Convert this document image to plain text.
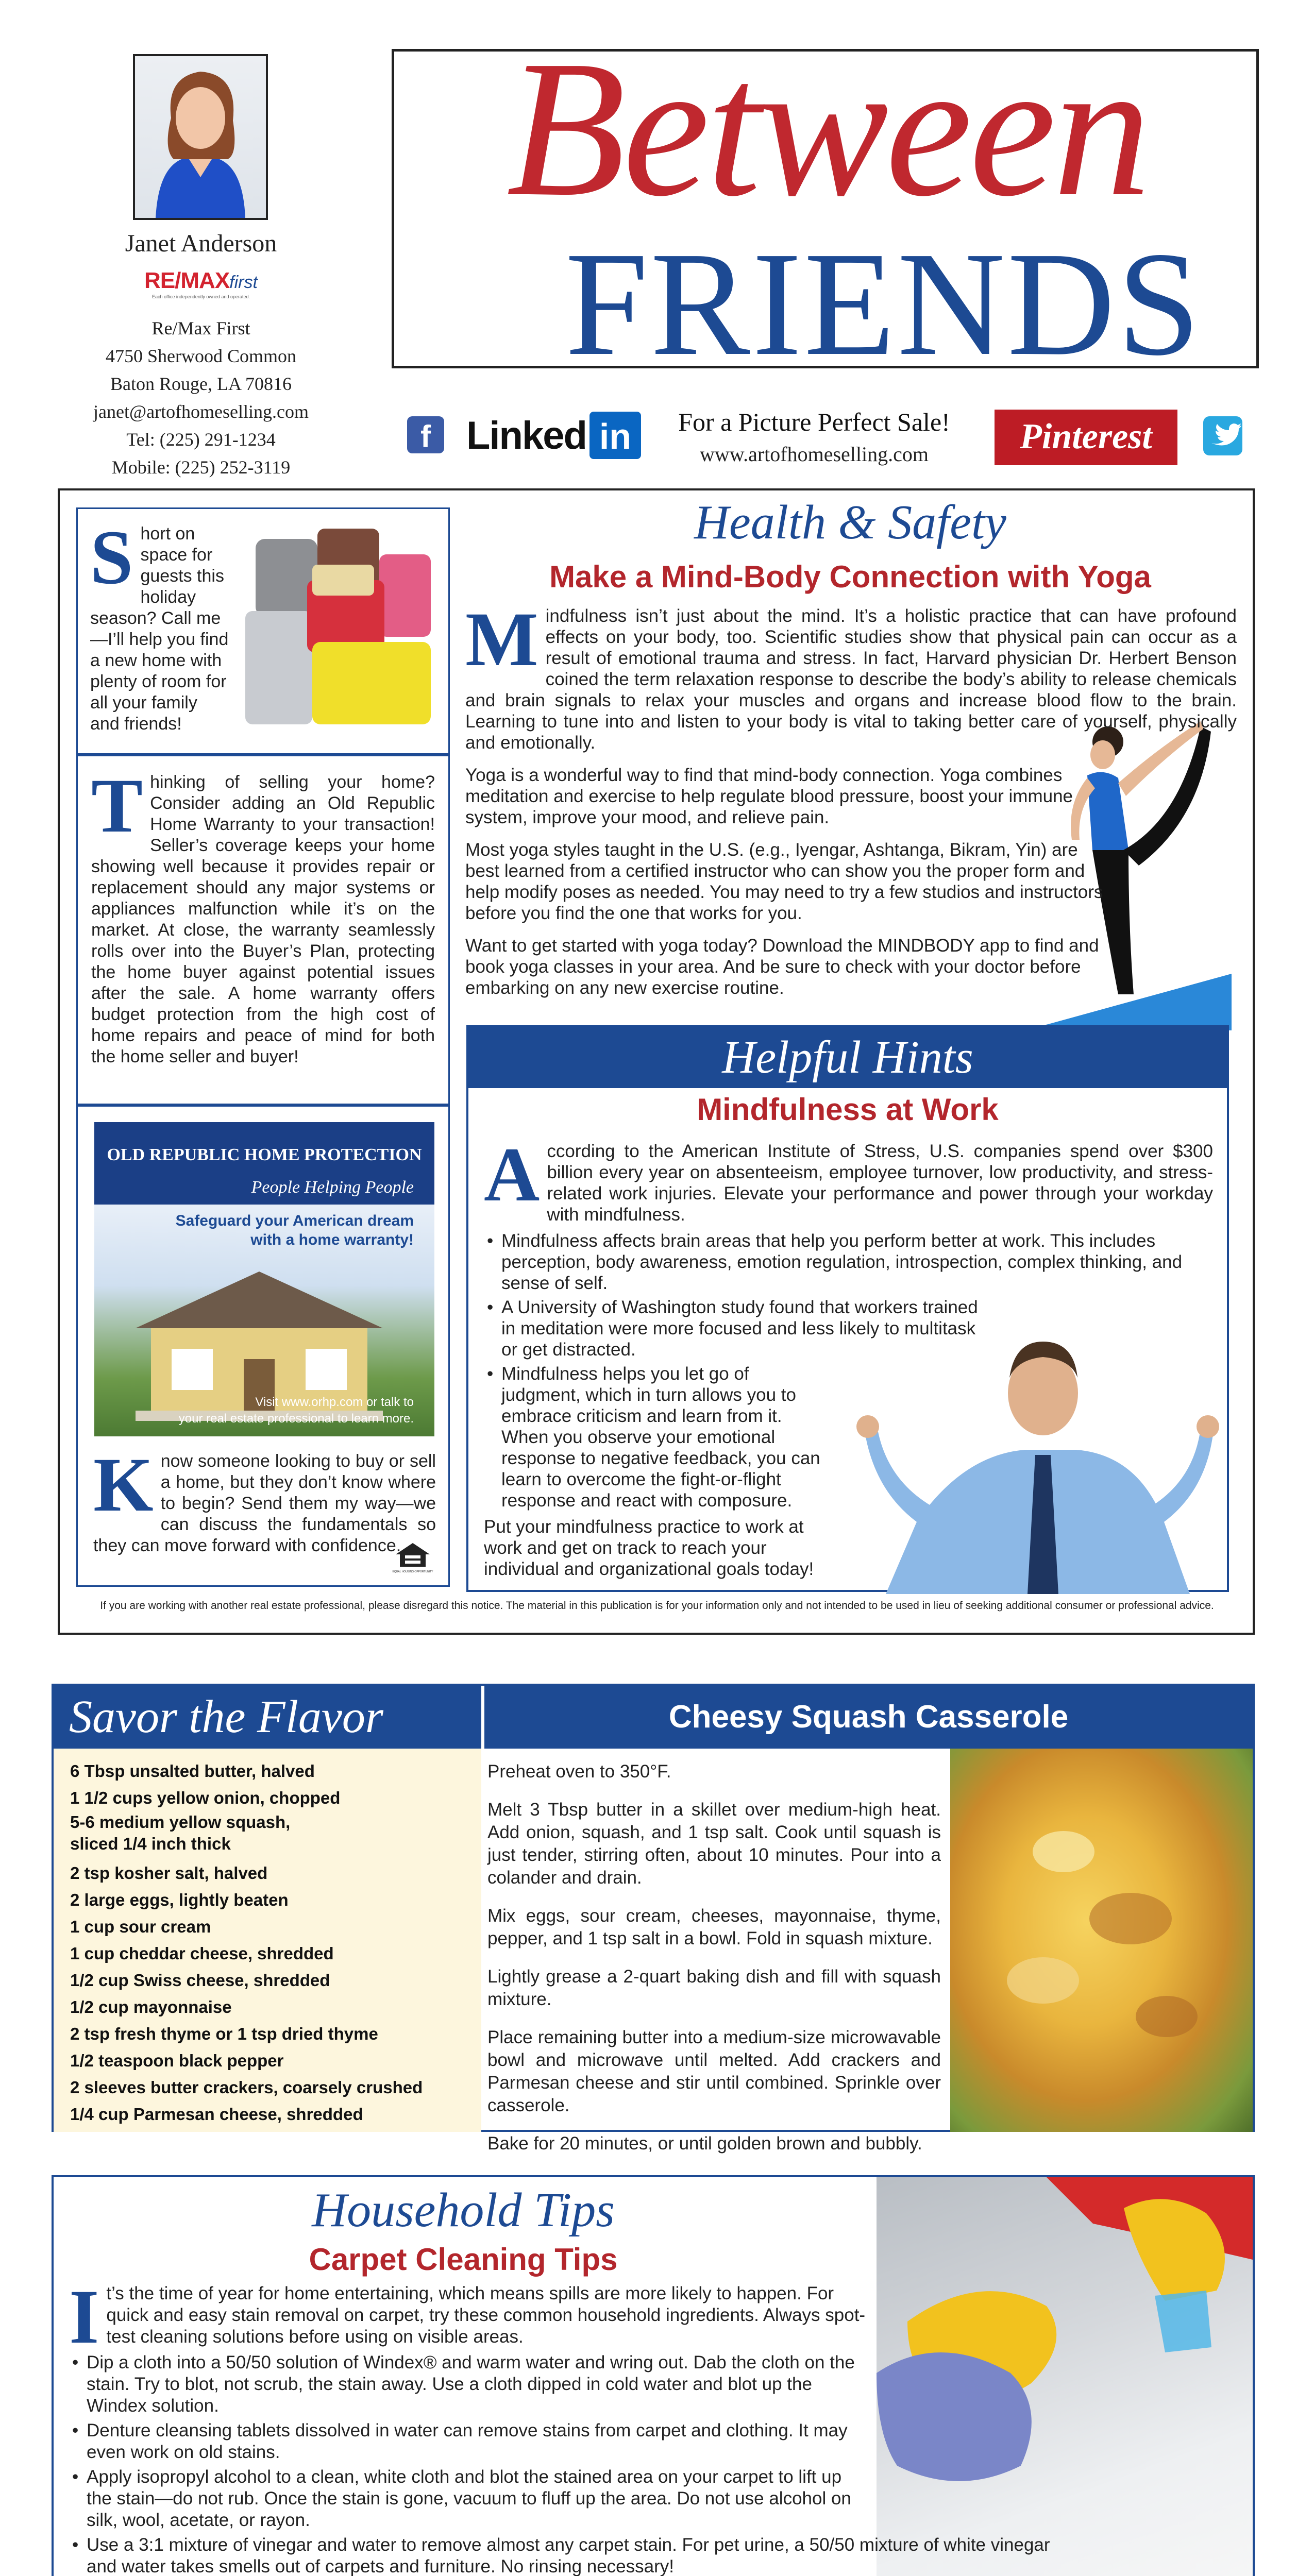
Janet Anderson
RE/MAXfirst
Each office independently owned and operated.
Re/Max First
4750 Sherwood Common
Baton Rouge, LA 70816
janet@artofhomeselling.com
Tel: (225) 291-1234
Mobile: (225) 252-3119
Between
FRIENDS
f Linked in	For a Picture Perfect Sale!
www.artofhomeselling.com	Pinterest
Short on space for guests this holiday season? Call me—I’ll help you find a new home with plenty of room for all your family and friends!
Thinking of selling your home? Consider adding an Old Republic Home Warranty to your transaction! Seller’s coverage keeps your home showing well because it provides repair or replacement should any major systems or appliances malfunction while it’s on the market. At close, the warranty seamlessly rolls over into the Buyer’s Plan, protecting the home buyer against potential issues after the sale. A home warranty offers budget protection from the high cost of home repairs and peace of mind for both the home seller and buyer!
OLD REPUBLIC HOME PROTECTION
People Helping People
Safeguard your American dream
with a home warranty!
Visit www.orhp.com or talk to
your real estate professional to learn more.
Know someone looking to buy or sell a home, but they don’t know where to begin? Send them my way—we can discuss the fundamentals so they can move forward with confidence.
EQUAL HOUSING OPPORTUNITY
Health & Safety
Make a Mind-Body Connection with Yoga

Mindfulness isn’t just about the mind. It’s a holistic practice that can have profound effects on your body, too. Scientific studies show that physical pain can occur as a result of emotional trauma and stress. In fact, Harvard physician Dr. Herbert Benson coined the term relaxation response to describe the body’s ability to release chemicals and brain signals to relax your muscles and organs and increase blood flow to the brain. Learning to tune into and listen to your body is vital to taking better care of yourself, physically and emotionally.

Yoga is a wonderful way to find that mind-body connection. Yoga combines meditation and exercise to help regulate blood pressure, boost your immune system, improve your mood, and relieve pain.

Most yoga styles taught in the U.S. (e.g., Iyengar, Ashtanga, Bikram, Yin) are best learned from a certified instructor who can show you the proper form and help modify poses as needed. You may need to try a few studios and instructors before you find the one that works for you.

Want to get started with yoga today? Download the MINDBODY app to find and book yoga classes in your area. And be sure to check with your doctor before embarking on any new exercise routine.

Helpful Hints
Mindfulness at Work

According to the American Institute of Stress, U.S. companies spend over $300 billion every year on absenteeism, employee turnover, low productivity, and stress-related work injuries. Elevate your performance and power through your workday with mindfulness.

• Mindfulness affects brain areas that help you perform better at work. This includes perception, body awareness, emotion regulation, introspection, complex thinking, and sense of self.
• A University of Washington study found that workers trained in meditation were more focused and less likely to multitask or get distracted.
• Mindfulness helps you let go of judgment, which in turn allows you to embrace criticism and learn from it. When you observe your emotional response to negative feedback, you can learn to overcome the fight-or-flight response and react with composure.

Put your mindfulness practice to work at work and get on track to reach your individual and organizational goals today!

If you are working with another real estate professional, please disregard this notice. The material in this publication is for your information only and not intended to be used in lieu of seeking additional consumer or professional advice.
Savor the Flavor	Cheesy Squash Casserole
6 Tbsp unsalted butter, halved
1 1/2 cups yellow onion, chopped
5-6 medium yellow squash,
sliced 1/4 inch thick
2 tsp kosher salt, halved
2 large eggs, lightly beaten
1 cup sour cream
1 cup cheddar cheese, shredded
1/2 cup Swiss cheese, shredded
1/2 cup mayonnaise
2 tsp fresh thyme or 1 tsp dried thyme
1/2 teaspoon black pepper
2 sleeves butter crackers, coarsely crushed
1/4 cup Parmesan cheese, shredded

Preheat oven to 350°F.

Melt 3 Tbsp butter in a skillet over medium-high heat. Add onion, squash, and 1 tsp salt. Cook until squash is just tender, stirring often, about 10 minutes. Pour into a colander and drain.

Mix eggs, sour cream, cheeses, mayonnaise, thyme, pepper, and 1 tsp salt in a bowl. Fold in squash mixture.

Lightly grease a 2-quart baking dish and fill with squash mixture.

Place remaining butter into a medium-size microwavable bowl and microwave until melted. Add crackers and Parmesan cheese and stir until combined. Sprinkle over casserole.

Bake for 20 minutes, or until golden brown and bubbly.

Household Tips
Carpet Cleaning Tips

It’s the time of year for home entertaining, which means spills are more likely to happen. For quick and easy stain removal on carpet, try these common household ingredients. Always spot-test cleaning solutions before using on visible areas.

• Dip a cloth into a 50/50 solution of Windex® and warm water and wring out. Dab the cloth on the stain. Try to blot, not scrub, the stain away. Use a cloth dipped in cold water and blot up the Windex solution.
• Denture cleansing tablets dissolved in water can remove stains from carpet and clothing. It may even work on old stains.
• Apply isopropyl alcohol to a clean, white cloth and blot the stained area on your carpet to lift up the stain—do not rub. Once the stain is gone, vacuum to fluff up the area. Do not use alcohol on silk, wool, acetate, or rayon.
• Use a 3:1 mixture of vinegar and water to remove almost any carpet stain. For pet urine, a 50/50 mixture of white vinegar and water takes smells out of carpets and furniture. No rinsing necessary!
